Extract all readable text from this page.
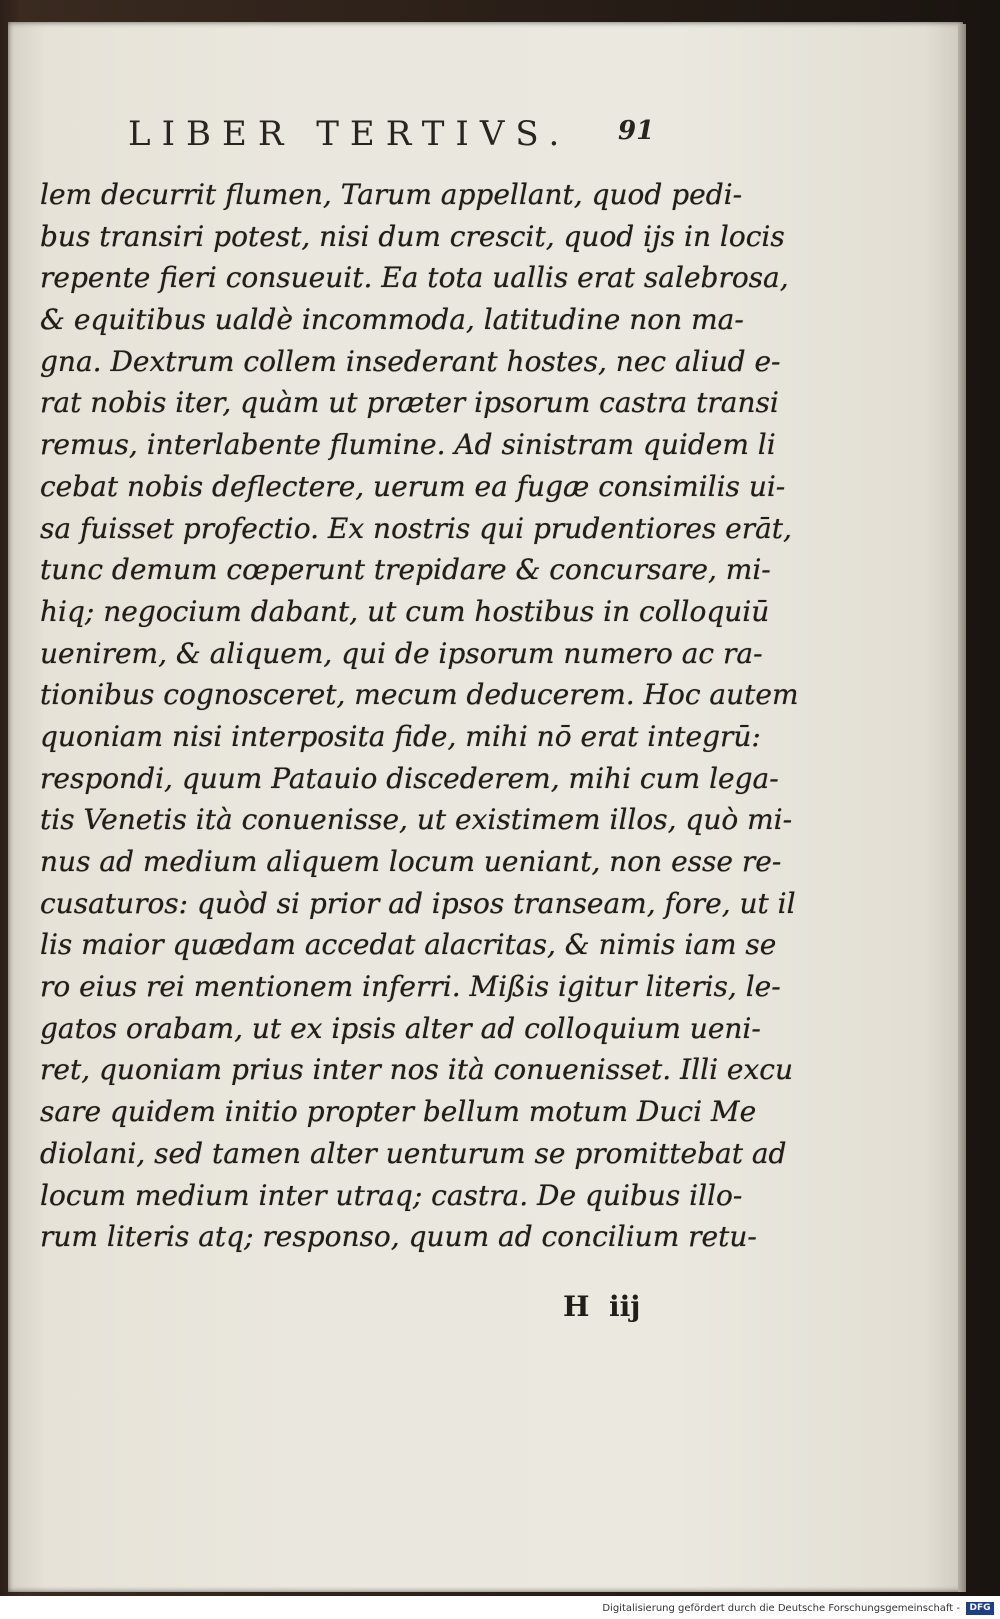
LIBER TERTIVS. 91
lem decurrit flumen, Tarum appellant, quod pedi-
bus transiri potest, nisi dum crescit, quod ijs in locis
repente fieri consueuit. Ea tota uallis erat salebrosa,
& equitibus ualdè incommoda, latitudine non ma-
gna. Dextrum collem insederant hostes, nec aliud e-
rat nobis iter, quàm ut præter ipsorum castra transi
remus, interlabente flumine. Ad sinistram quidem li
cebat nobis deflectere, uerum ea fugæ consimilis ui-
sa fuisset profectio. Ex nostris qui prudentiores erāt,
tunc demum cœperunt trepidare & concursare, mi-
hiq; negocium dabant, ut cum hostibus in colloquiū
uenirem, & aliquem, qui de ipsorum numero ac ra-
tionibus cognosceret, mecum deducerem. Hoc autem
quoniam nisi interposita fide, mihi nō erat integrū:
respondi, quum Patauio discederem, mihi cum lega-
tis Venetis ità conuenisse, ut existimem illos, quò mi-
nus ad medium aliquem locum ueniant, non esse re-
cusaturos: quòd si prior ad ipsos transeam, fore, ut il
lis maior quædam accedat alacritas, & nimis iam se
ro eius rei mentionem inferri. Mißis igitur literis, le-
gatos orabam, ut ex ipsis alter ad colloquium ueni-
ret, quoniam prius inter nos ità conuenisset. Illi excu
sare quidem initio propter bellum motum Duci Me
diolani, sed tamen alter uenturum se promittebat ad
locum medium inter utraq; castra. De quibus illo-
rum literis atq; responso, quum ad concilium retu-
H  iij
Digitalisierung gefördert durch die Deutsche Forschungsgemeinschaft -	DFG
